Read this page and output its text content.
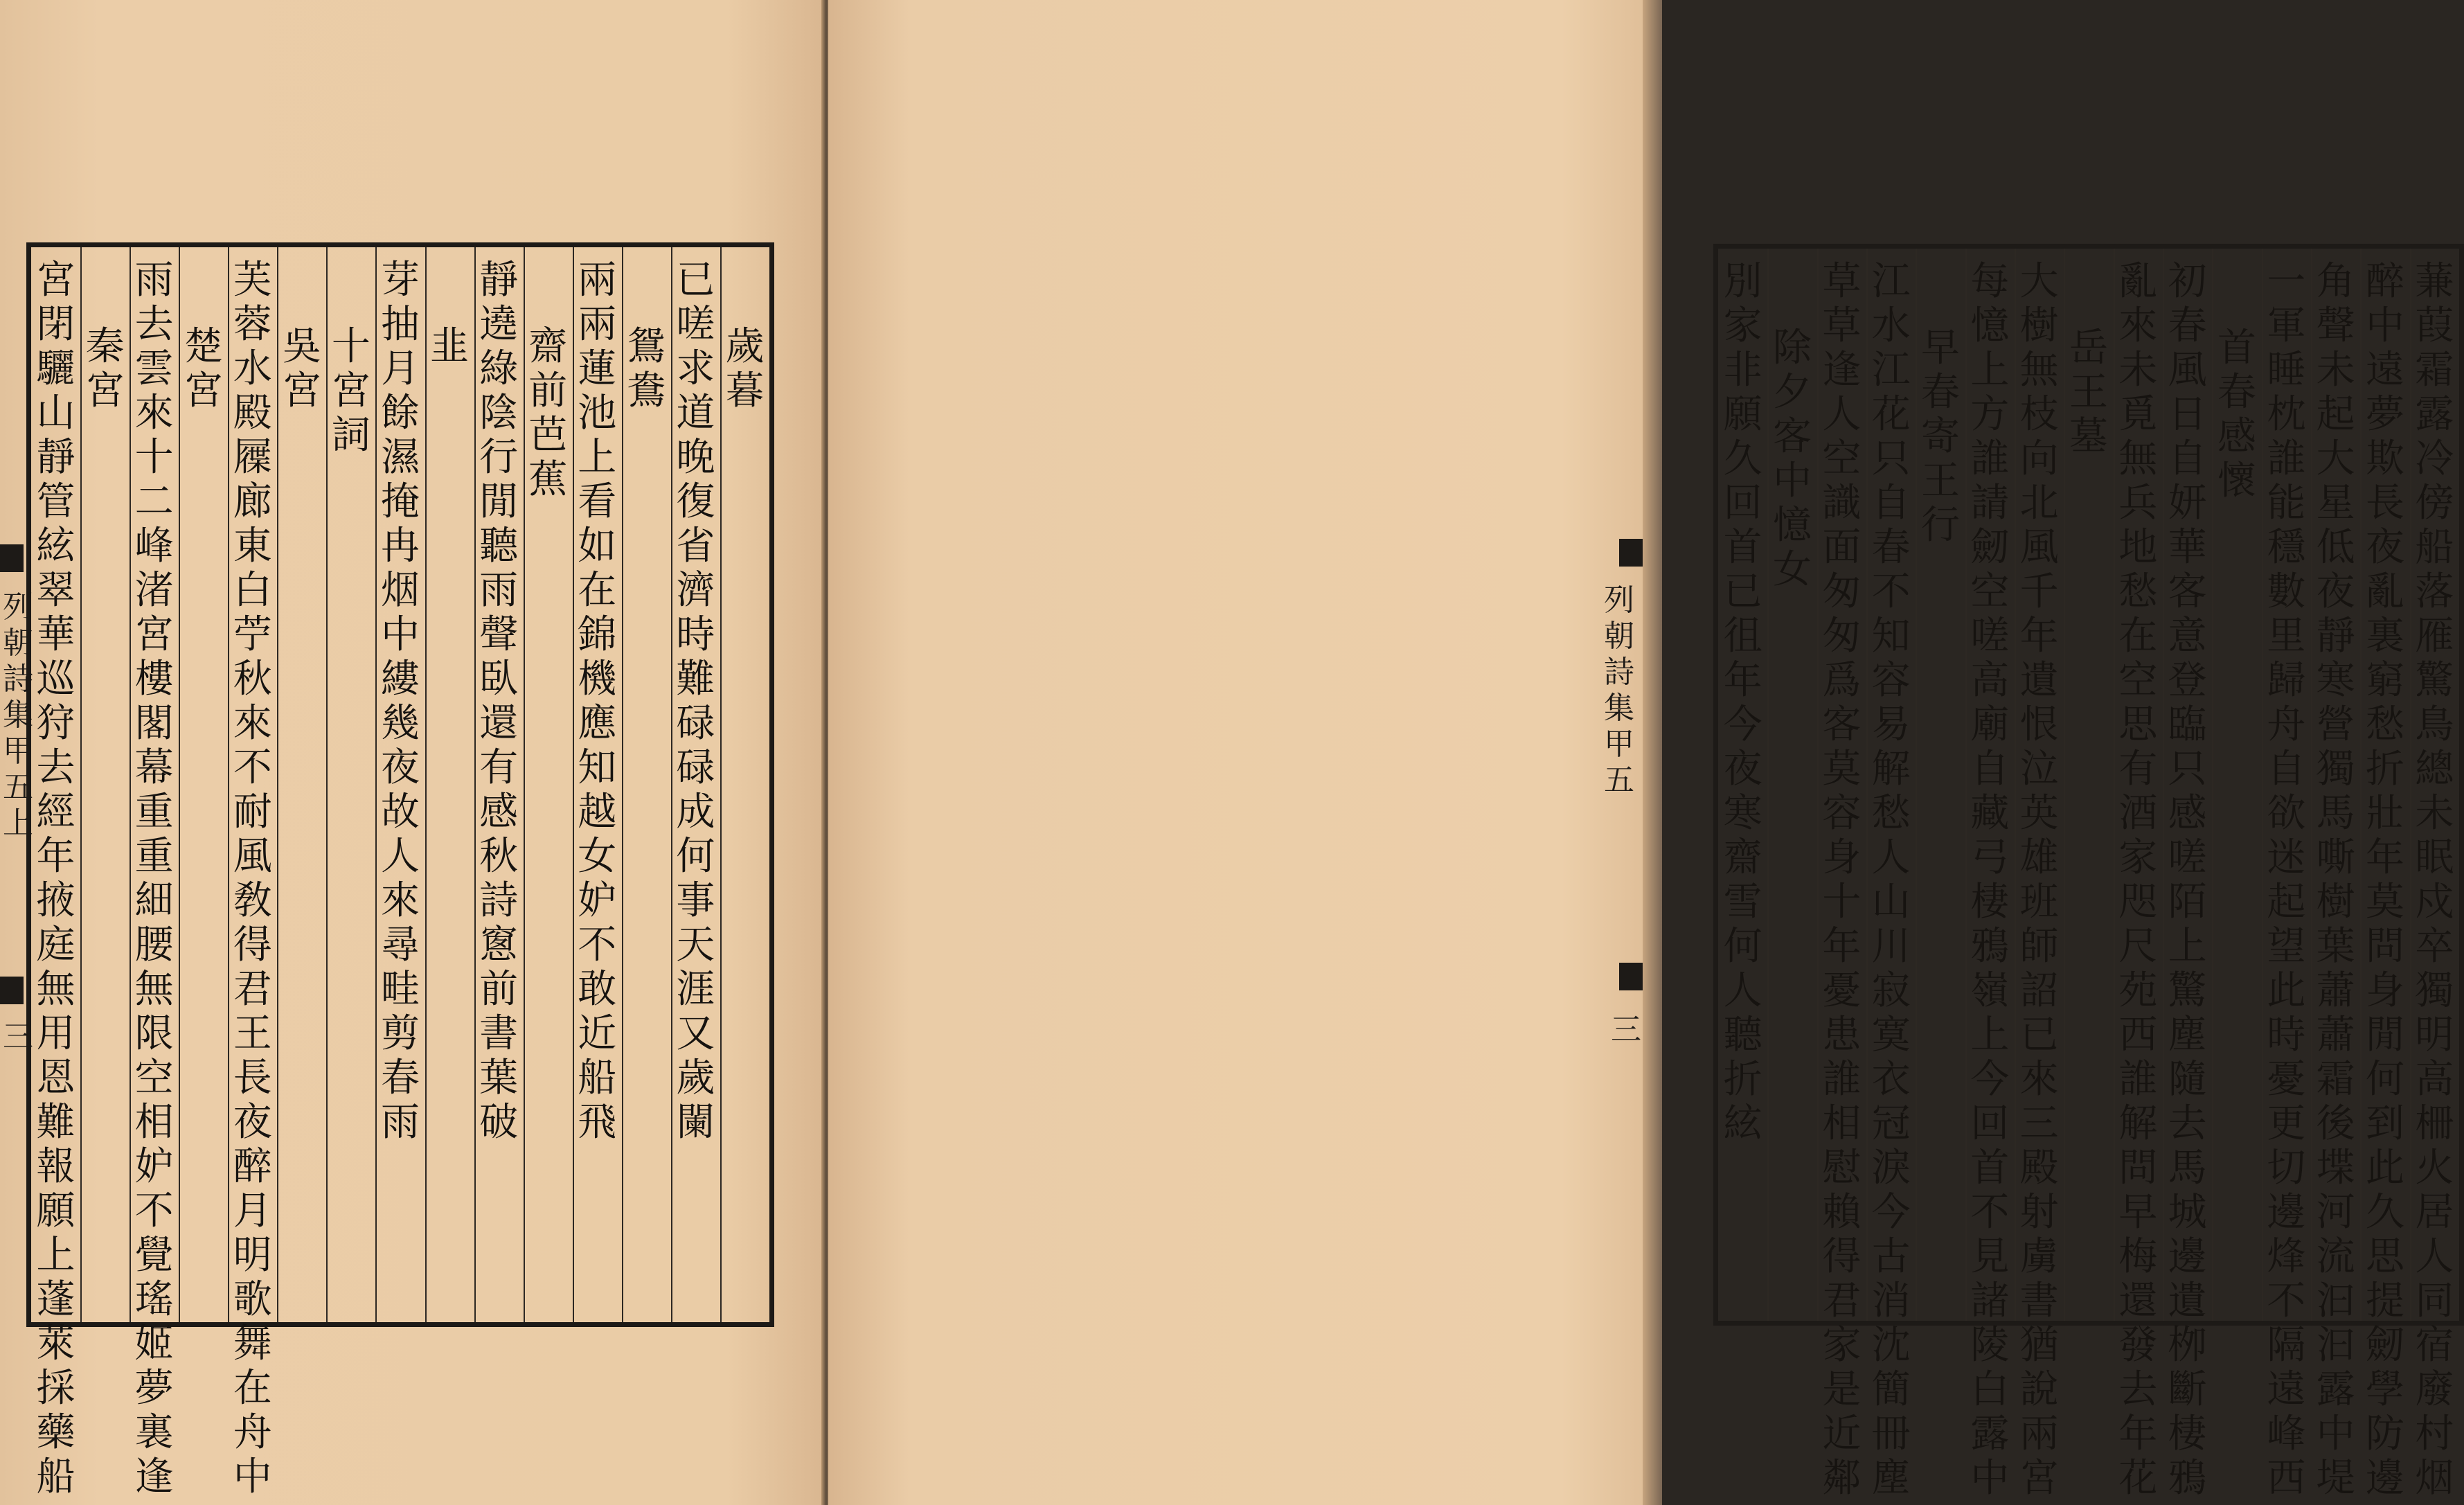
歲
暮
已
嗟
求
道
晚
復
省
濟
時
難
碌
碌
成
何
事
天
涯
又
歲
闌
鴛
鴦
兩
兩
蓮
池
上
看
如
在
錦
機
應
知
越
女
妒
不
敢
近
船
飛
齋
前
芭
蕉
靜
遶
綠
陰
行
閒
聽
雨
聲
臥
還
有
感
秋
詩
窻
前
書
葉
破
韭
芽
抽
月
餘
濕
掩
冉
烟
中
縷
幾
夜
故
人
來
尋
畦
剪
春
雨
十
宮
詞
吳
宮
芙
蓉
水
殿
屧
廊
東
白
苧
秋
來
不
耐
風
敎
得
君
王
長
夜
醉
月
明
歌
舞
在
舟
中
楚
宮
雨
去
雲
來
十
二
峰
渚
宮
樓
閣
幕
重
重
細
腰
無
限
空
相
妒
不
覺
瑤
姬
夢
裏
逢
秦
宮
宮
閉
驪
山
靜
管
絃
翠
華
巡
狩
去
經
年
掖
庭
無
用
恩
難
報
願
上
蓬
萊
採
藥
船
列
朝
詩
集
甲
五
上
三
蒹
葭
霜
露
冷
傍
船
落
雁
驚
鳥
總
未
眠
戍
卒
獨
明
高
柵
火
居
人
同
宿
廢
村
烟
醉
中
遠
夢
欺
長
夜
亂
裏
窮
愁
折
壯
年
莫
問
身
閒
何
到
此
久
思
提
劒
學
防
邊
角
聲
未
起
大
星
低
夜
靜
寒
營
獨
馬
嘶
樹
葉
蕭
蕭
霜
後
堞
河
流
汩
汩
露
中
堤
一
軍
睡
枕
誰
能
穩
數
里
歸
舟
自
欲
迷
起
望
此
時
憂
更
切
邊
烽
不
隔
遠
峰
西
首
春
感
懷
初
春
風
日
自
妍
華
客
意
登
臨
只
感
嗟
陌
上
驚
塵
隨
去
馬
城
邊
遺
栁
斷
棲
鴉
亂
來
未
覓
無
兵
地
愁
在
空
思
有
酒
家
咫
尺
苑
西
誰
解
問
早
梅
還
發
去
年
花
岳
王
墓
大
樹
無
枝
向
北
風
千
年
遺
恨
泣
英
雄
班
師
詔
已
來
三
殿
射
虜
書
猶
說
兩
宮
每
憶
上
方
誰
請
劒
空
嗟
高
廟
自
藏
弓
棲
鴉
嶺
上
今
回
首
不
見
諸
陵
白
露
中
早
春
寄
王
行
江
水
江
花
只
自
春
不
知
容
易
解
愁
人
山
川
寂
寞
衣
冠
淚
今
古
消
沈
簡
冊
塵
草
草
逢
人
空
識
面
匆
匆
爲
客
莫
容
身
十
年
憂
患
誰
相
慰
賴
得
君
家
是
近
鄰
除
夕
客
中
憶
女
別
家
非
願
久
回
首
已
徂
年
今
夜
寒
齋
雪
何
人
聽
折
絃
列
朝
詩
集
甲
五
三
